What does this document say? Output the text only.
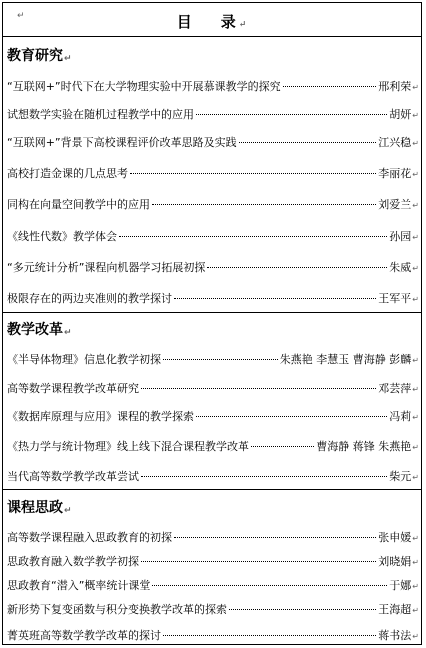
↵	目 录 ↵
教育研究↵
“互联网+”时代下在大学物理实验中开展慕课教学的探究	邢利荣 ↵
试想数学实验在随机过程教学中的应用	胡妍 ↵
“互联网+”背景下高校课程评价改革思路及实践	江兴稳 ↵
高校打造金课的几点思考	李丽花 ↵
同构在向量空间教学中的应用	刘爱兰 ↵
《线性代数》教学体会	孙园 ↵
“多元统计分析”课程向机器学习拓展初探	朱威 ↵
极限存在的两边夹准则的教学探讨	王军平 ↵
教学改革↵
《半导体物理》信息化教学初探	朱燕艳 李慧玉 曹海静 彭麟 ↵
高等数学课程教学改革研究	邓芸萍 ↵
《数据库原理与应用》课程的教学探索	冯莉 ↵
《热力学与统计物理》线上线下混合课程教学改革	曹海静 蒋锋 朱燕艳 ↵
当代高等数学教学改革尝试	柴元 ↵
课程思政↵
高等数学课程融入思政教育的初探	张申媛 ↵
思政教育融入数学教学初探	刘晓娟 ↵
思政教育“潜入”概率统计课堂	于娜 ↵
新形势下复变函数与积分变换教学改革的探索	王海超 ↵
菁英班高等数学教学改革的探讨	蒋书法 ↵
